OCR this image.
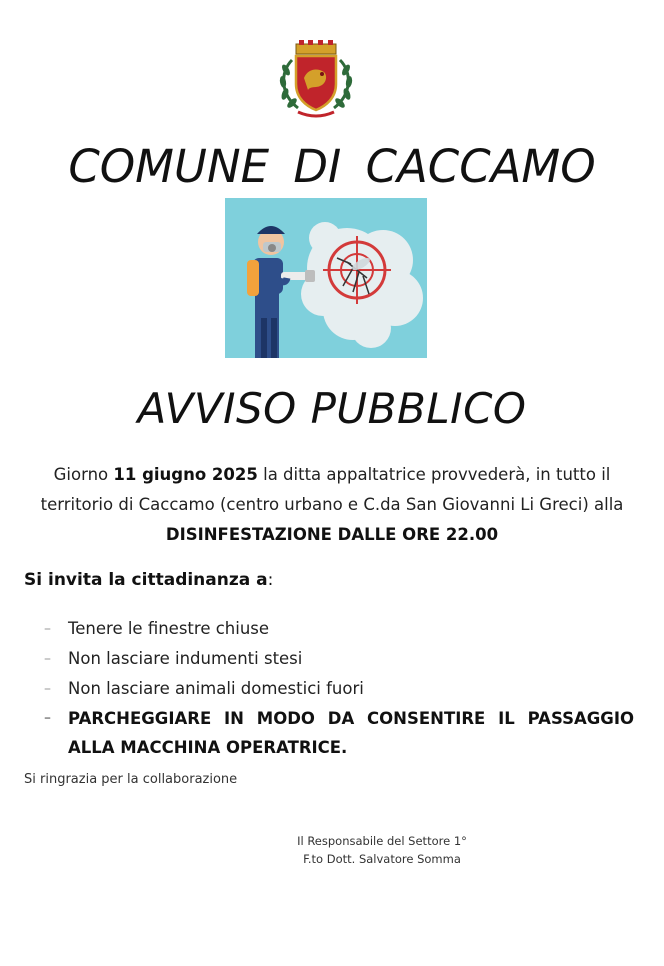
COMUNE DI CACCAMO
AVVISO PUBBLICO
Giorno 11 giugno 2025 la ditta appaltatrice provvederà, in tutto il territorio di Caccamo (centro urbano e C.da San Giovanni Li Greci) alla
DISINFESTAZIONE DALLE ORE 22.00
Si invita la cittadinanza a:
– Tenere le finestre chiuse
– Non lasciare indumenti stesi
– Non lasciare animali domestici fuori
– PARCHEGGIARE IN MODO DA CONSENTIRE IL PASSAGGIO ALLA MACCHINA OPERATRICE.
Si ringrazia per la collaborazione
Il Responsabile del Settore 1°
F.to Dott. Salvatore Somma
